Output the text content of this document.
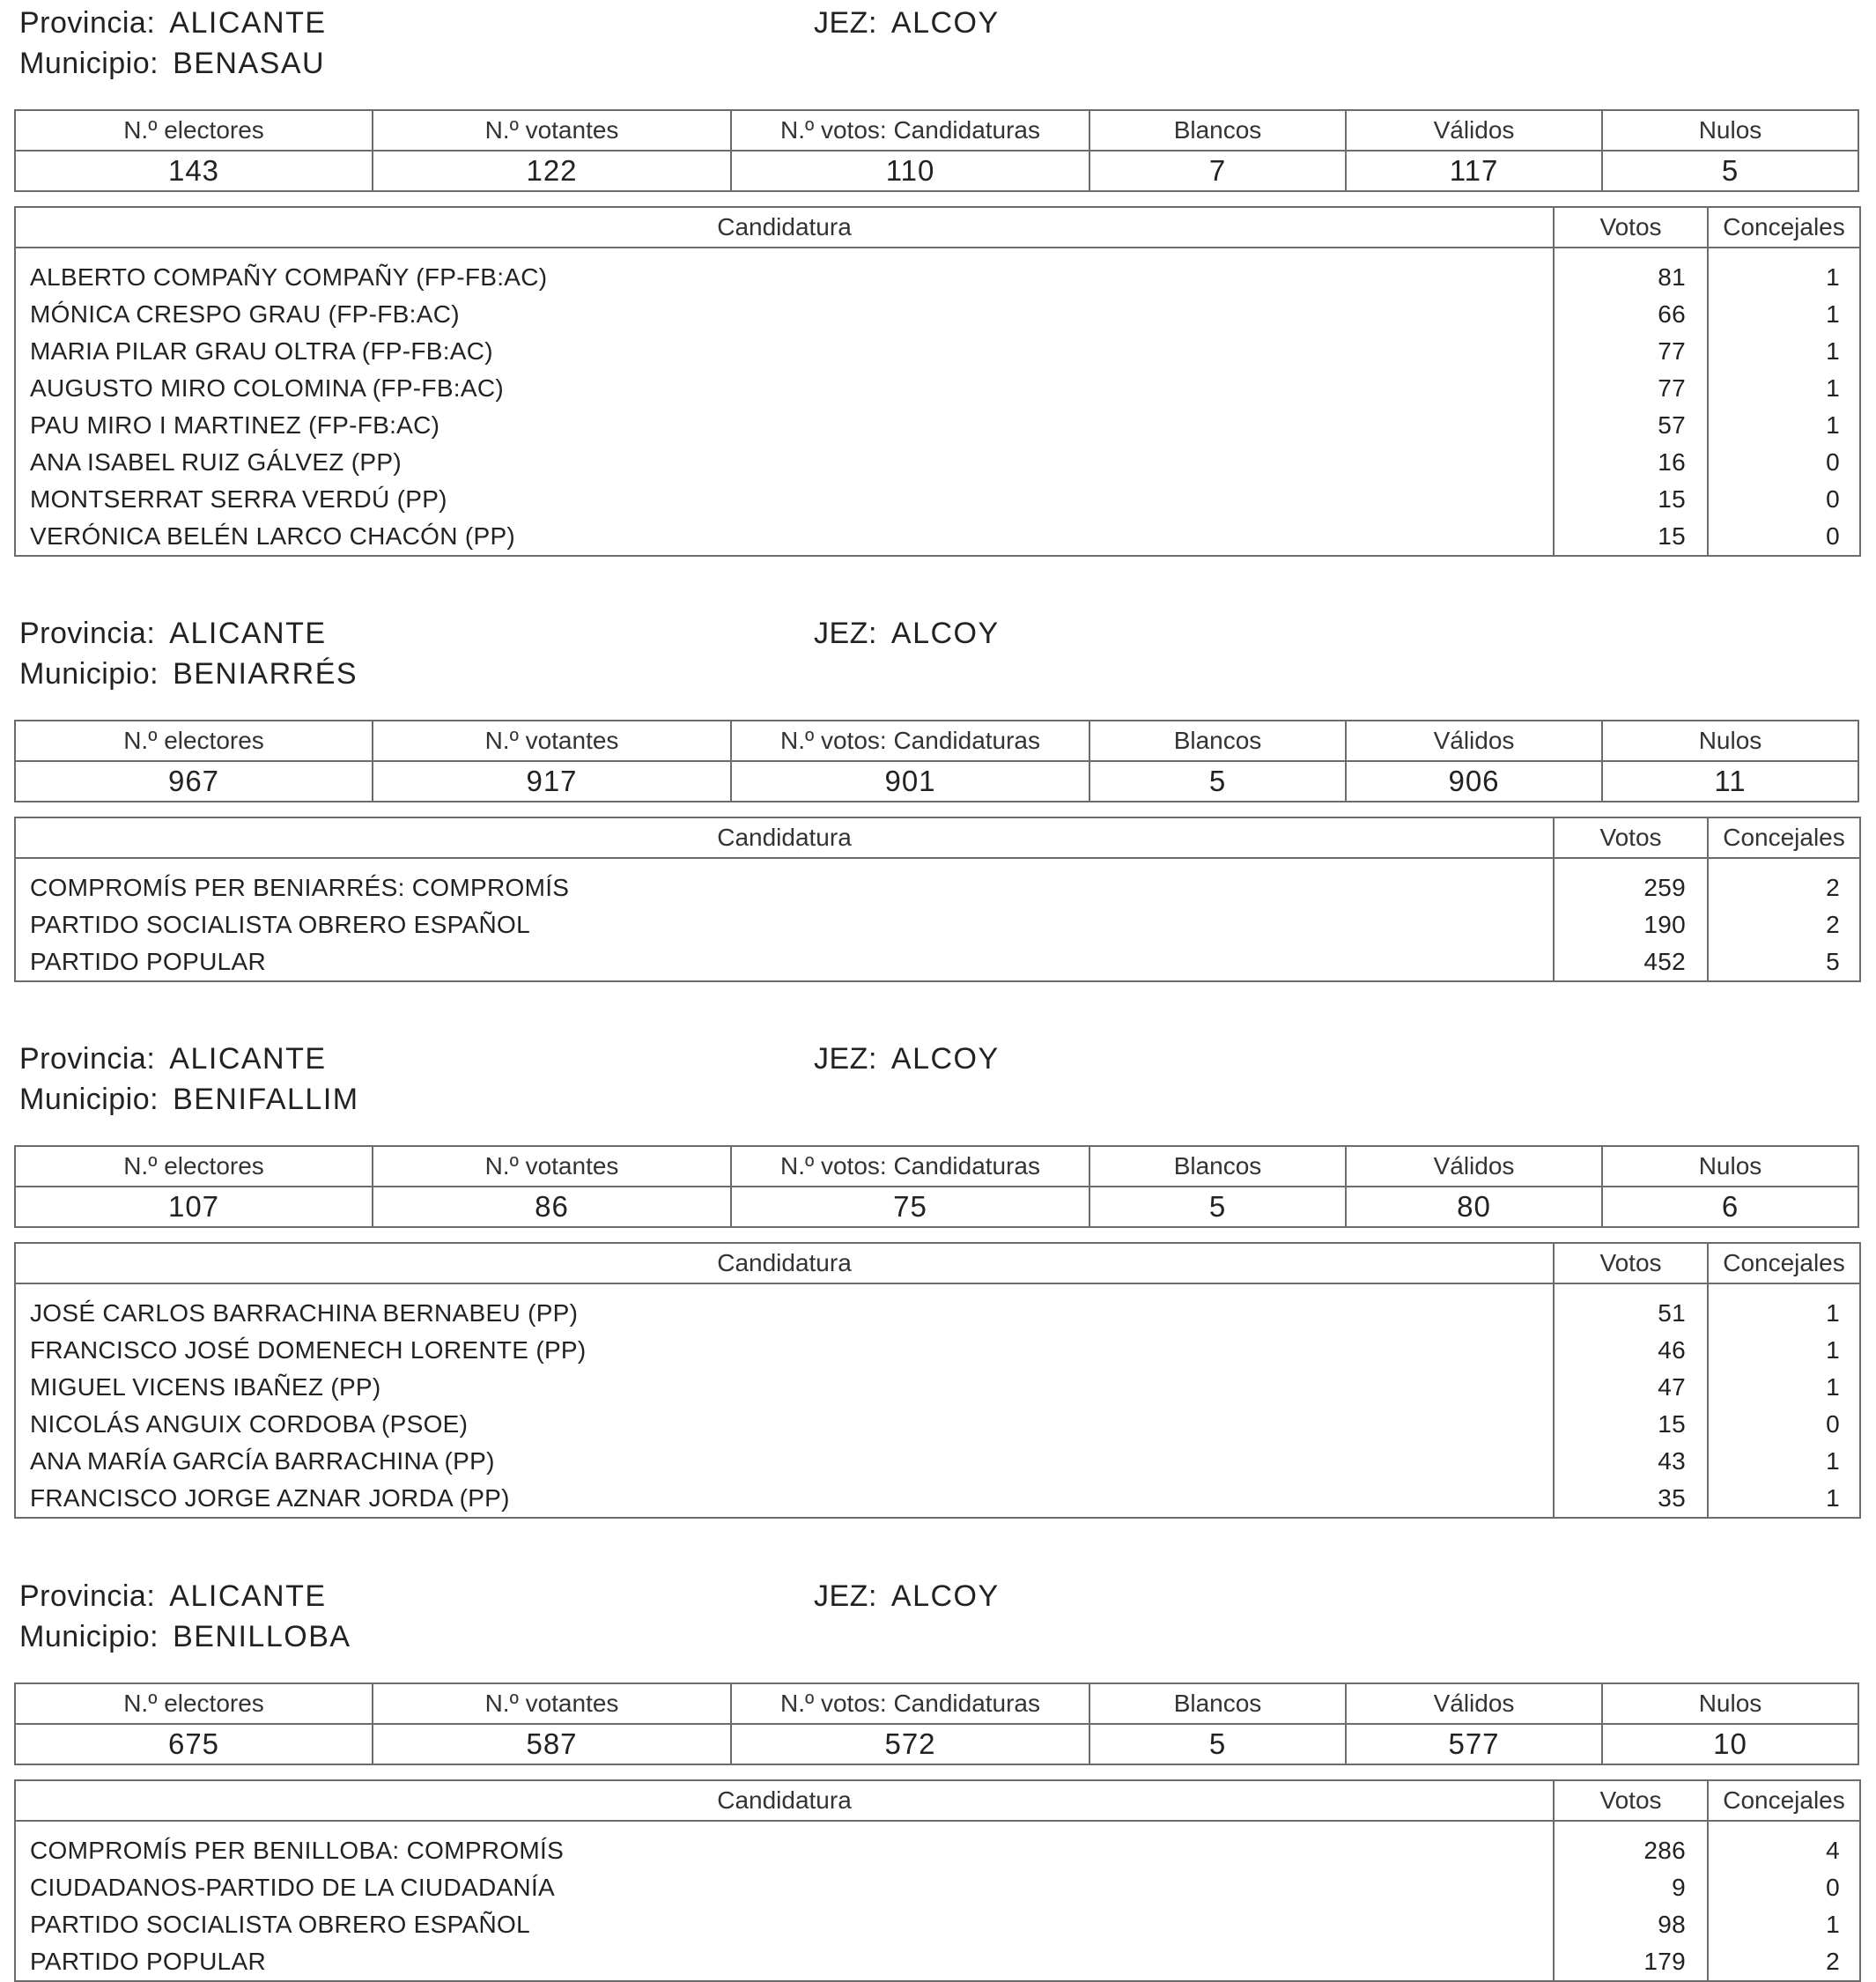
Provincia: ALICANTE	JEZ: ALCOY
Municipio: BENASAU
N.º electores	N.º votantes	N.º votos: Candidaturas	Blancos	Válidos	Nulos
143	122	110	7	117	5
Candidatura	Votos	Concejales

ALBERTO COMPAÑY COMPAÑY (FP-FB:AC)	81	1
MÓNICA CRESPO GRAU (FP-FB:AC)	66	1
MARIA PILAR GRAU OLTRA (FP-FB:AC)	77	1
AUGUSTO MIRO COLOMINA (FP-FB:AC)	77	1
PAU MIRO I MARTINEZ (FP-FB:AC)	57	1
ANA ISABEL RUIZ GÁLVEZ (PP)	16	0
MONTSERRAT SERRA VERDÚ (PP)	15	0
VERÓNICA BELÉN LARCO CHACÓN (PP)	15	0
Provincia: ALICANTE	JEZ: ALCOY
Municipio: BENIARRÉS
N.º electores	N.º votantes	N.º votos: Candidaturas	Blancos	Válidos	Nulos
967	917	901	5	906	11
Candidatura	Votos	Concejales

COMPROMÍS PER BENIARRÉS: COMPROMÍS	259	2
PARTIDO SOCIALISTA OBRERO ESPAÑOL	190	2
PARTIDO POPULAR	452	5
Provincia: ALICANTE	JEZ: ALCOY
Municipio: BENIFALLIM
N.º electores	N.º votantes	N.º votos: Candidaturas	Blancos	Válidos	Nulos
107	86	75	5	80	6
Candidatura	Votos	Concejales

JOSÉ CARLOS BARRACHINA BERNABEU (PP)	51	1
FRANCISCO JOSÉ DOMENECH LORENTE (PP)	46	1
MIGUEL VICENS IBAÑEZ (PP)	47	1
NICOLÁS ANGUIX CORDOBA (PSOE)	15	0
ANA MARÍA GARCÍA BARRACHINA (PP)	43	1
FRANCISCO JORGE AZNAR JORDA (PP)	35	1
Provincia: ALICANTE	JEZ: ALCOY
Municipio: BENILLOBA
N.º electores	N.º votantes	N.º votos: Candidaturas	Blancos	Válidos	Nulos
675	587	572	5	577	10
Candidatura	Votos	Concejales

COMPROMÍS PER BENILLOBA: COMPROMÍS	286	4
CIUDADANOS-PARTIDO DE LA CIUDADANÍA	9	0
PARTIDO SOCIALISTA OBRERO ESPAÑOL	98	1
PARTIDO POPULAR	179	2
